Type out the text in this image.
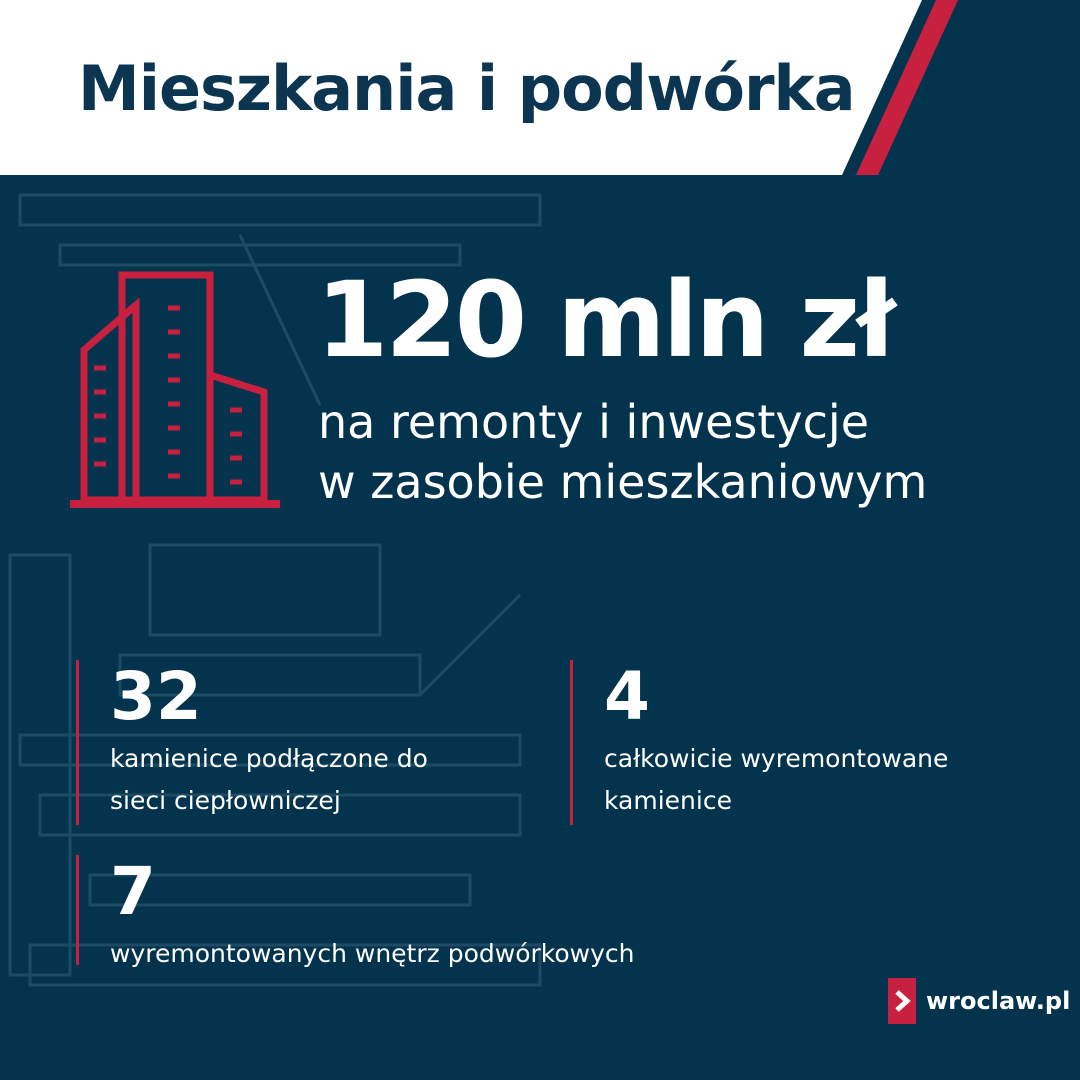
Mieszkania i podwórka
120 mln zł
na remonty i inwestycje
w zasobie mieszkaniowym
32
kamienice podłączone do
sieci ciepłowniczej
4
całkowicie wyremontowane
kamienice
7
wyremontowanych wnętrz podwórkowych
wroclaw.pl
